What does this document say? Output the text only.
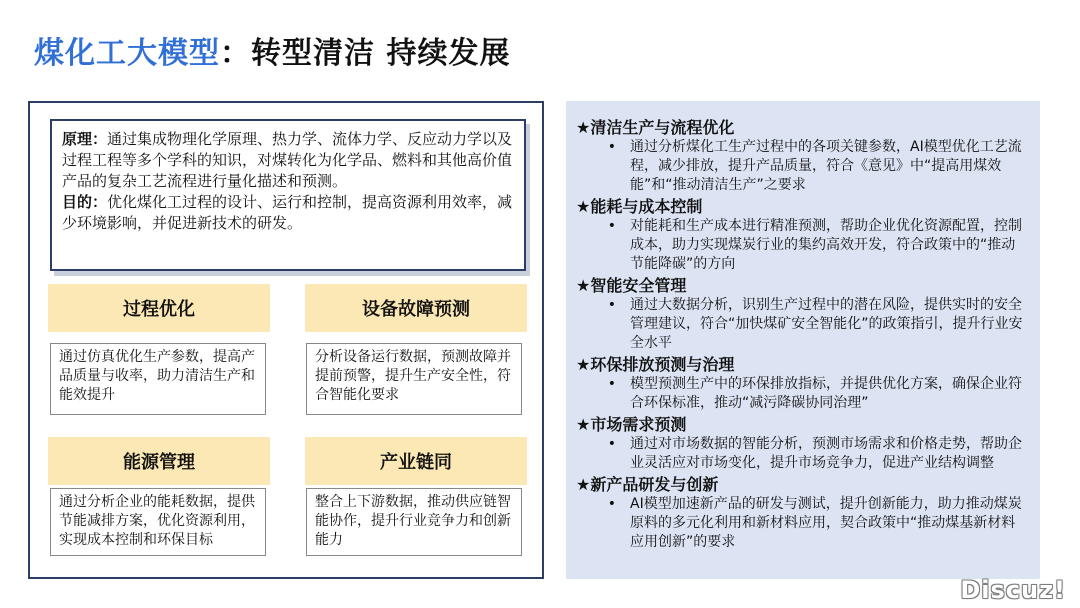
煤化工大模型：转型清洁 持续发展

原理：通过集成物理化学原理、热力学、流体力学、反应动力学以及过程工程等多个学科的知识，对煤转化为化学品、燃料和其他高价值产品的复杂工艺流程进行量化描述和预测。

目的：优化煤化工过程的设计、运行和控制，提高资源利用效率，减少环境影响，并促进新技术的研发。

过程优化
通过仿真优化生产参数，提高产品质量与收率，助力清洁生产和能效提升
设备故障预测
分析设备运行数据，预测故障并提前预警，提升生产安全性，符合智能化要求
能源管理
通过分析企业的能耗数据，提供节能减排方案，优化资源利用，实现成本控制和环保目标
产业链同
整合上下游数据，推动供应链智能协作，提升行业竞争力和创新能力

★清洁生产与流程优化

•	通过分析煤化工生产过程中的各项关键参数，AI模型优化工艺流程，减少排放，提升产品质量，符合《意见》中“提高用煤效能”和“推动清洁生产”之要求

★能耗与成本控制

•	对能耗和生产成本进行精准预测，帮助企业优化资源配置，控制成本，助力实现煤炭行业的集约高效开发，符合政策中的“推动节能降碳”的方向

★智能安全管理

•	通过大数据分析，识别生产过程中的潜在风险，提供实时的安全管理建议，符合“加快煤矿安全智能化”的政策指引，提升行业安全水平

★环保排放预测与治理

•	模型预测生产中的环保排放指标，并提供优化方案，确保企业符合环保标准，推动“减污降碳协同治理”

★市场需求预测

•	通过对市场数据的智能分析，预测市场需求和价格走势，帮助企业灵活应对市场变化，提升市场竞争力，促进产业结构调整

★新产品研发与创新

•	AI模型加速新产品的研发与测试，提升创新能力，助力推动煤炭原料的多元化利用和新材料应用，契合政策中“推动煤基新材料应用创新”的要求
Discuz!
